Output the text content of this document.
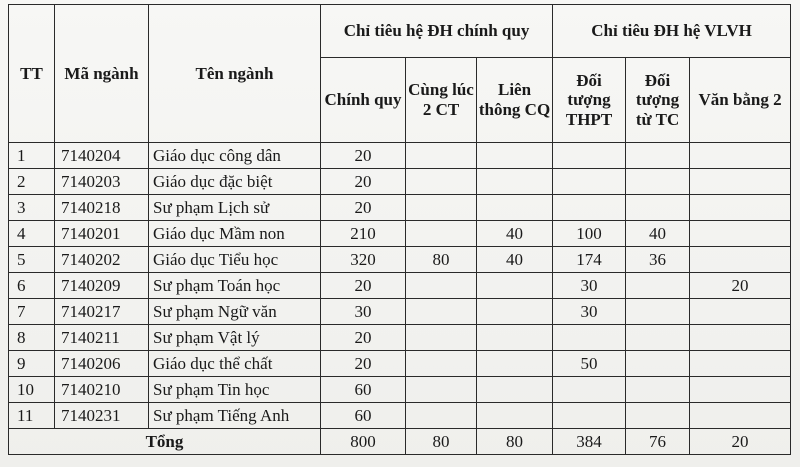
TT	Mã ngành	Tên ngành	Chỉ tiêu hệ ĐH chính quy			Chỉ tiêu ĐH hệ VLVH		
			Chính quy	Cùng lúc 2 CT	Liên thông CQ	Đối tượng THPT	Đối tượng từ TC	Văn bằng 2
1	7140204	Giáo dục công dân	20					
2	7140203	Giáo dục đặc biệt	20					
3	7140218	Sư phạm Lịch sử	20					
4	7140201	Giáo dục Mầm non	210		40	100	40	
5	7140202	Giáo dục Tiểu học	320	80	40	174	36	
6	7140209	Sư phạm Toán học	20			30		20
7	7140217	Sư phạm Ngữ văn	30			30		
8	7140211	Sư phạm Vật lý	20					
9	7140206	Giáo dục thể chất	20			50		
10	7140210	Sư phạm Tin học	60					
11	7140231	Sư phạm Tiếng Anh	60					
Tổng			800	80	80	384	76	20
